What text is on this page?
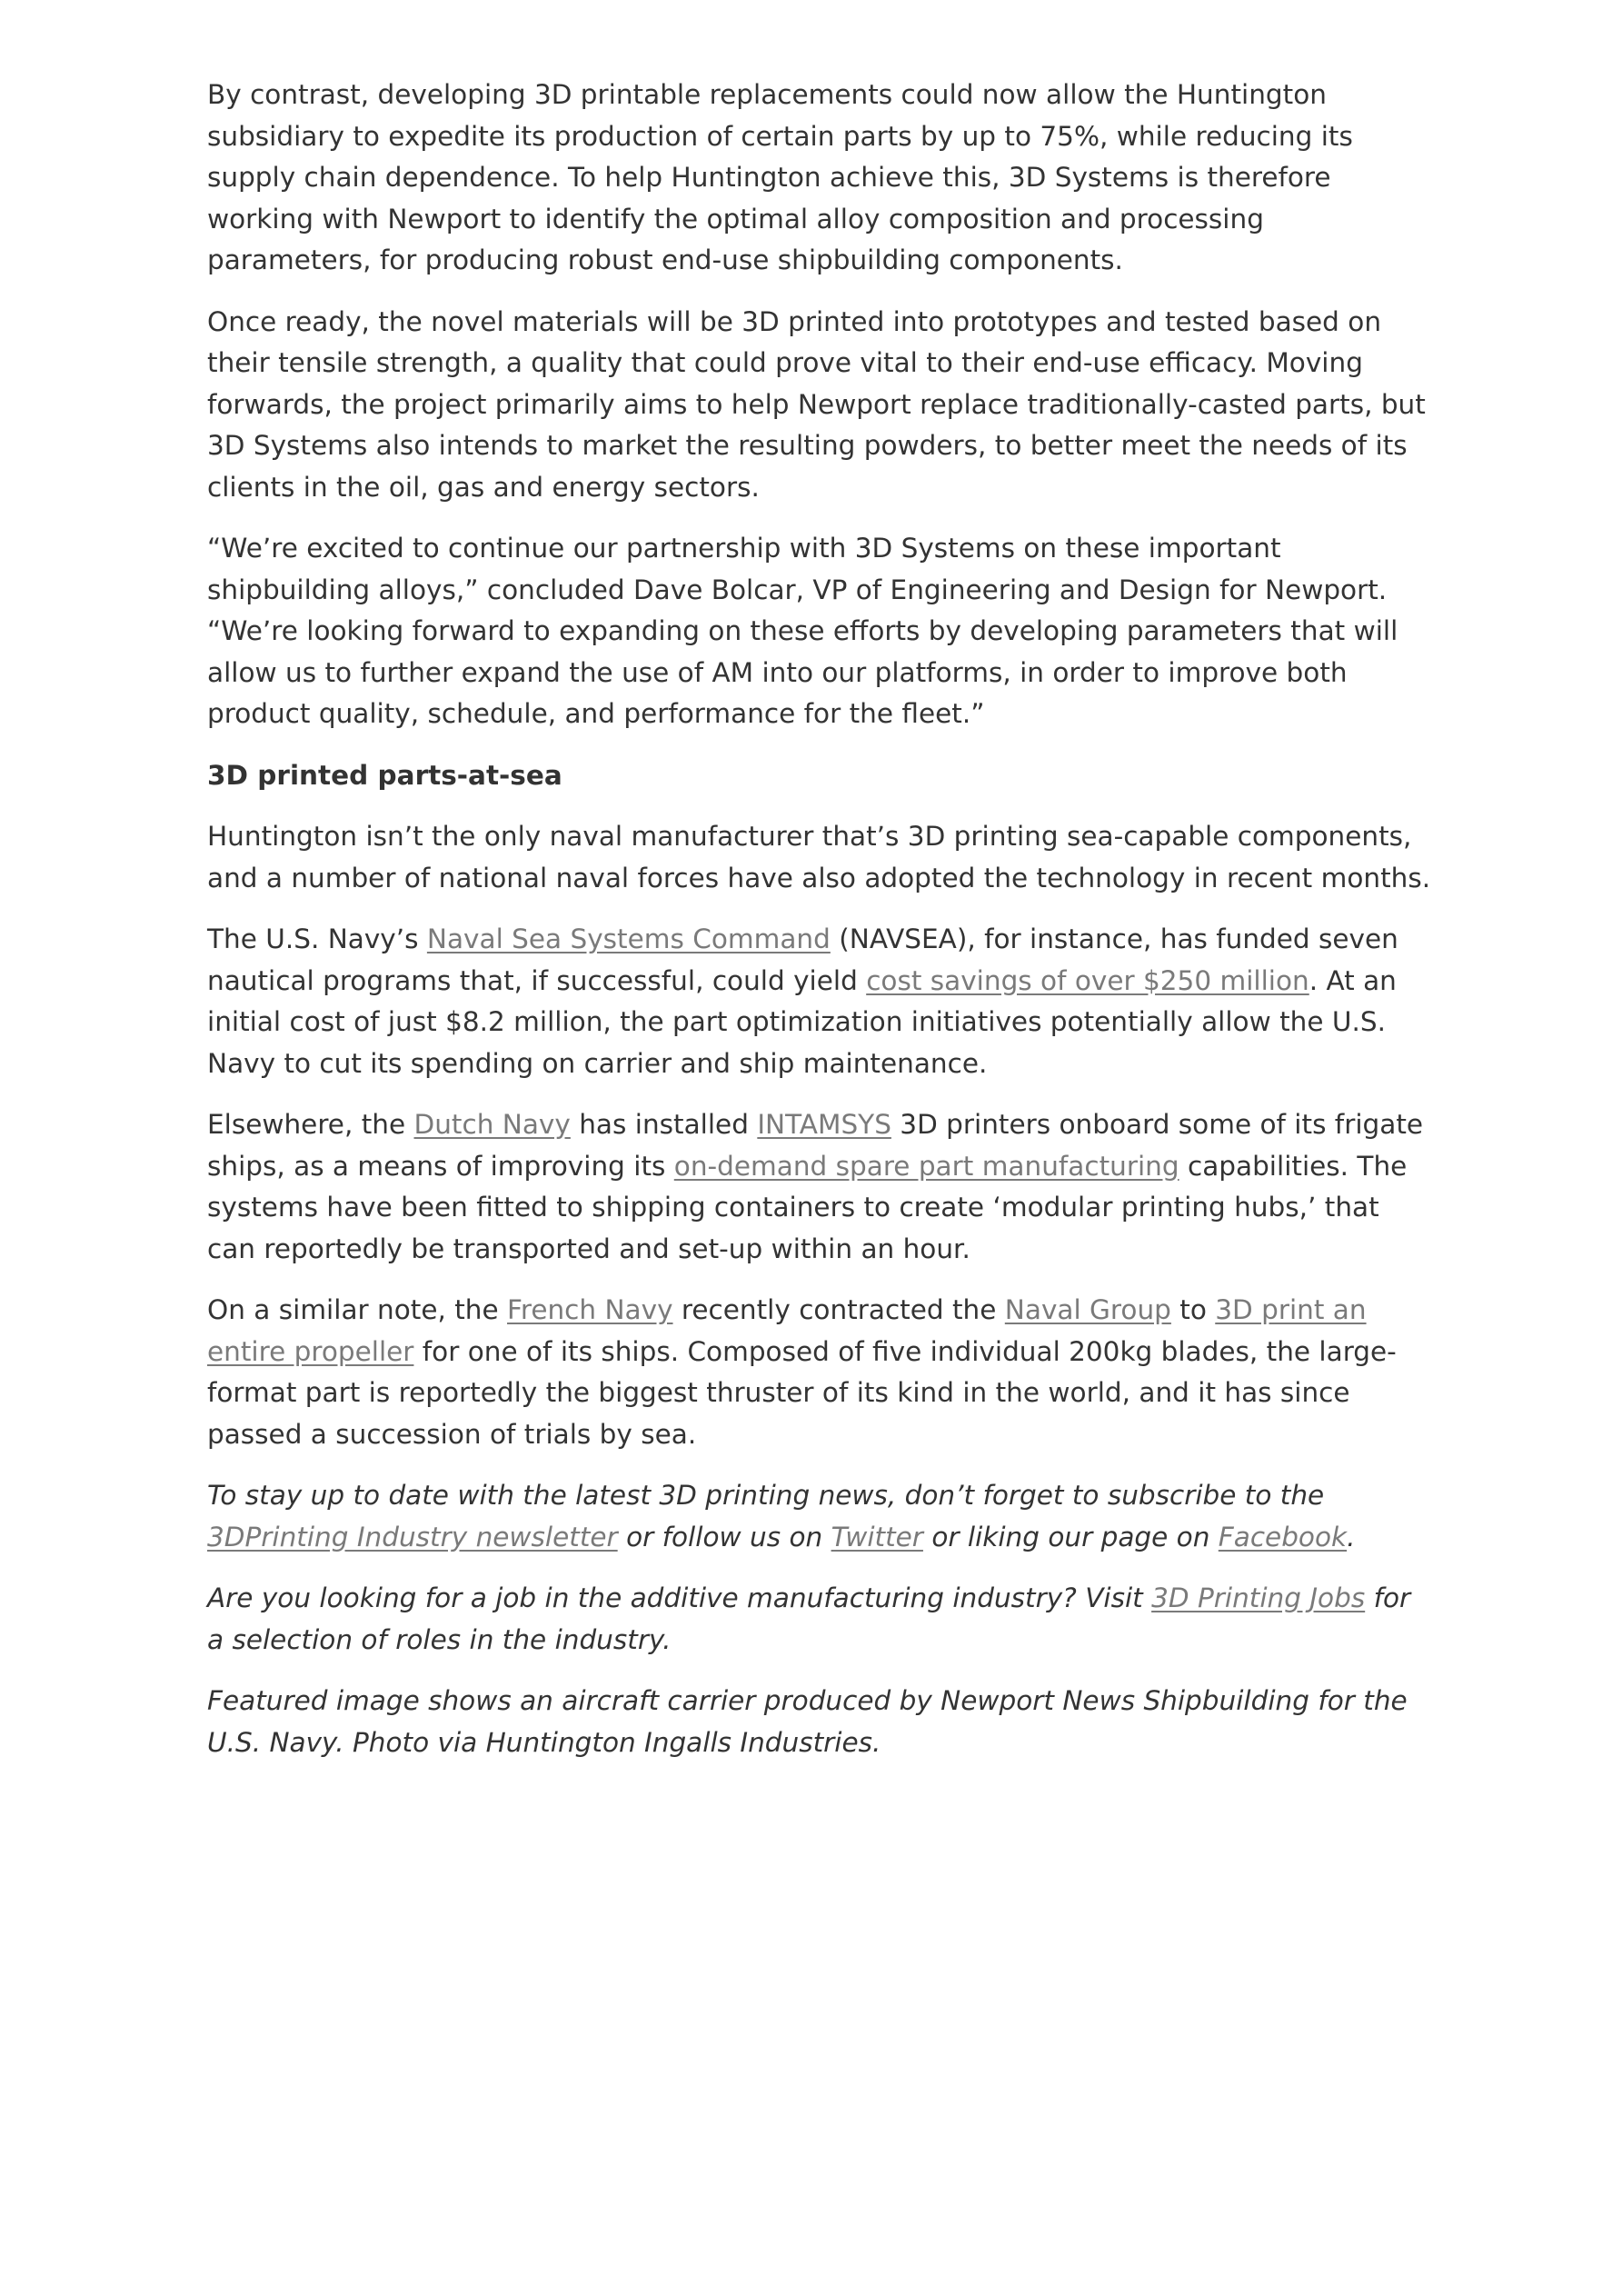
By contrast, developing 3D printable replacements could now allow the Huntington subsidiary to expedite its production of certain parts by up to 75%, while reducing its supply chain dependence. To help Huntington achieve this, 3D Systems is therefore working with Newport to identify the optimal alloy composition and processing parameters, for producing robust end-use shipbuilding components.

Once ready, the novel materials will be 3D printed into prototypes and tested based on their tensile strength, a quality that could prove vital to their end-use efficacy. Moving forwards, the project primarily aims to help Newport replace traditionally-casted parts, but 3D Systems also intends to market the resulting powders, to better meet the needs of its clients in the oil, gas and energy sectors.

“We’re excited to continue our partnership with 3D Systems on these important shipbuilding alloys,” concluded Dave Bolcar, VP of Engineering and Design for Newport. “We’re looking forward to expanding on these efforts by developing parameters that will allow us to further expand the use of AM into our platforms, in order to improve both product quality, schedule, and performance for the fleet.”

3D printed parts-at-sea

Huntington isn’t the only naval manufacturer that’s 3D printing sea-capable components, and a number of national naval forces have also adopted the technology in recent months.

The U.S. Navy’s Naval Sea Systems Command (NAVSEA), for instance, has funded seven nautical programs that, if successful, could yield cost savings of over $250 million. At an initial cost of just $8.2 million, the part optimization initiatives potentially allow the U.S. Navy to cut its spending on carrier and ship maintenance.

Elsewhere, the Dutch Navy has installed INTAMSYS 3D printers onboard some of its frigate ships, as a means of improving its on-demand spare part manufacturing capabilities. The systems have been fitted to shipping containers to create ‘modular printing hubs,’ that can reportedly be transported and set-up within an hour.

On a similar note, the French Navy recently contracted the Naval Group to 3D print an entire propeller for one of its ships. Composed of five individual 200kg blades, the large-format part is reportedly the biggest thruster of its kind in the world, and it has since passed a succession of trials by sea.

To stay up to date with the latest 3D printing news, don’t forget to subscribe to the 3DPrinting Industry newsletter or follow us on Twitter or liking our page on Facebook.

Are you looking for a job in the additive manufacturing industry? Visit 3D Printing Jobs for a selection of roles in the industry.

Featured image shows an aircraft carrier produced by Newport News Shipbuilding for the U.S. Navy. Photo via Huntington Ingalls Industries.
